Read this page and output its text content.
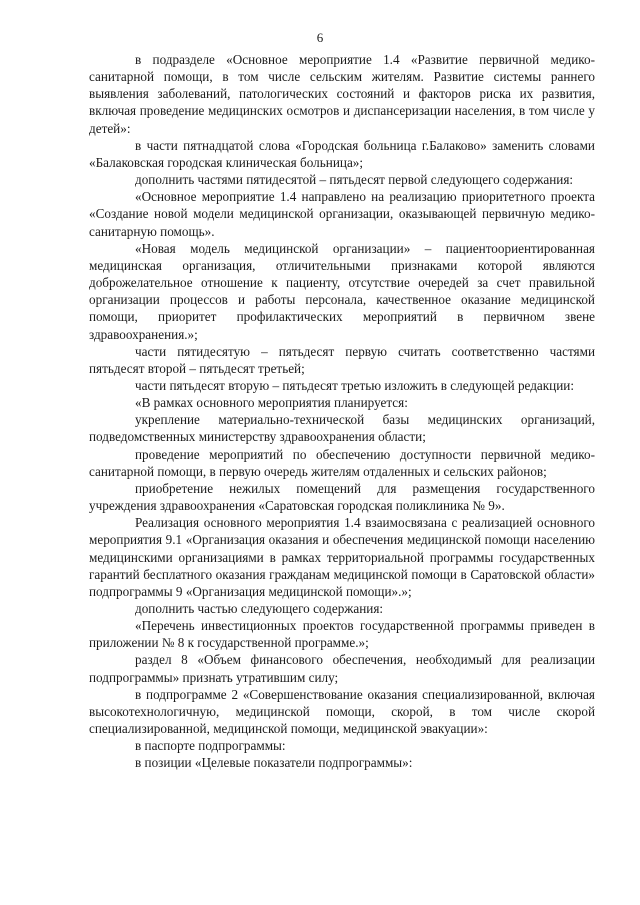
6

в подразделе «Основное мероприятие 1.4 «Развитие первичной медико-санитарной помощи, в том числе сельским жителям. Развитие системы раннего выявления заболеваний, патологических состояний и факторов риска их развития, включая проведение медицинских осмотров и диспансеризации населения, в том числе у детей»:

в части пятнадцатой слова «Городская больница г.Балаково» заменить словами «Балаковская городская клиническая больница»;

дополнить частями пятидесятой – пятьдесят первой следующего содержания:

«Основное мероприятие 1.4 направлено на реализацию приоритетного проекта «Создание новой модели медицинской организации, оказывающей первичную медико-санитарную помощь».

«Новая модель медицинской организации» – пациентоориентированная медицинская организация, отличительными признаками которой являются доброжелательное отношение к пациенту, отсутствие очередей за счет правильной организации процессов и работы персонала, качественное оказание медицинской помощи, приоритет профилактических мероприятий в первичном звене здравоохранения.»;

части пятидесятую – пятьдесят первую считать соответственно частями пятьдесят второй – пятьдесят третьей;

части пятьдесят вторую – пятьдесят третью изложить в следующей редакции:

«В рамках основного мероприятия планируется:

укрепление материально-технической базы медицинских организаций, подведомственных министерству здравоохранения области;

проведение мероприятий по обеспечению доступности первичной медико-санитарной помощи, в первую очередь жителям отдаленных и сельских районов;

приобретение нежилых помещений для размещения государственного учреждения здравоохранения «Саратовская городская поликлиника № 9».

Реализация основного мероприятия 1.4 взаимосвязана с реализацией основного мероприятия 9.1 «Организация оказания и обеспечения медицинской помощи населению медицинскими организациями в рамках территориальной программы государственных гарантий бесплатного оказания гражданам медицинской помощи в Саратовской области» подпрограммы 9 «Организация медицинской помощи».»;

дополнить частью следующего содержания:

«Перечень инвестиционных проектов государственной программы приведен в приложении № 8 к государственной программе.»;

раздел 8 «Объем финансового обеспечения, необходимый для реализации подпрограммы» признать утратившим силу;

в подпрограмме 2 «Совершенствование оказания специализированной, включая высокотехнологичную, медицинской помощи, скорой, в том числе скорой специализированной, медицинской помощи, медицинской эвакуации»:

в паспорте подпрограммы:

в позиции «Целевые показатели подпрограммы»:
